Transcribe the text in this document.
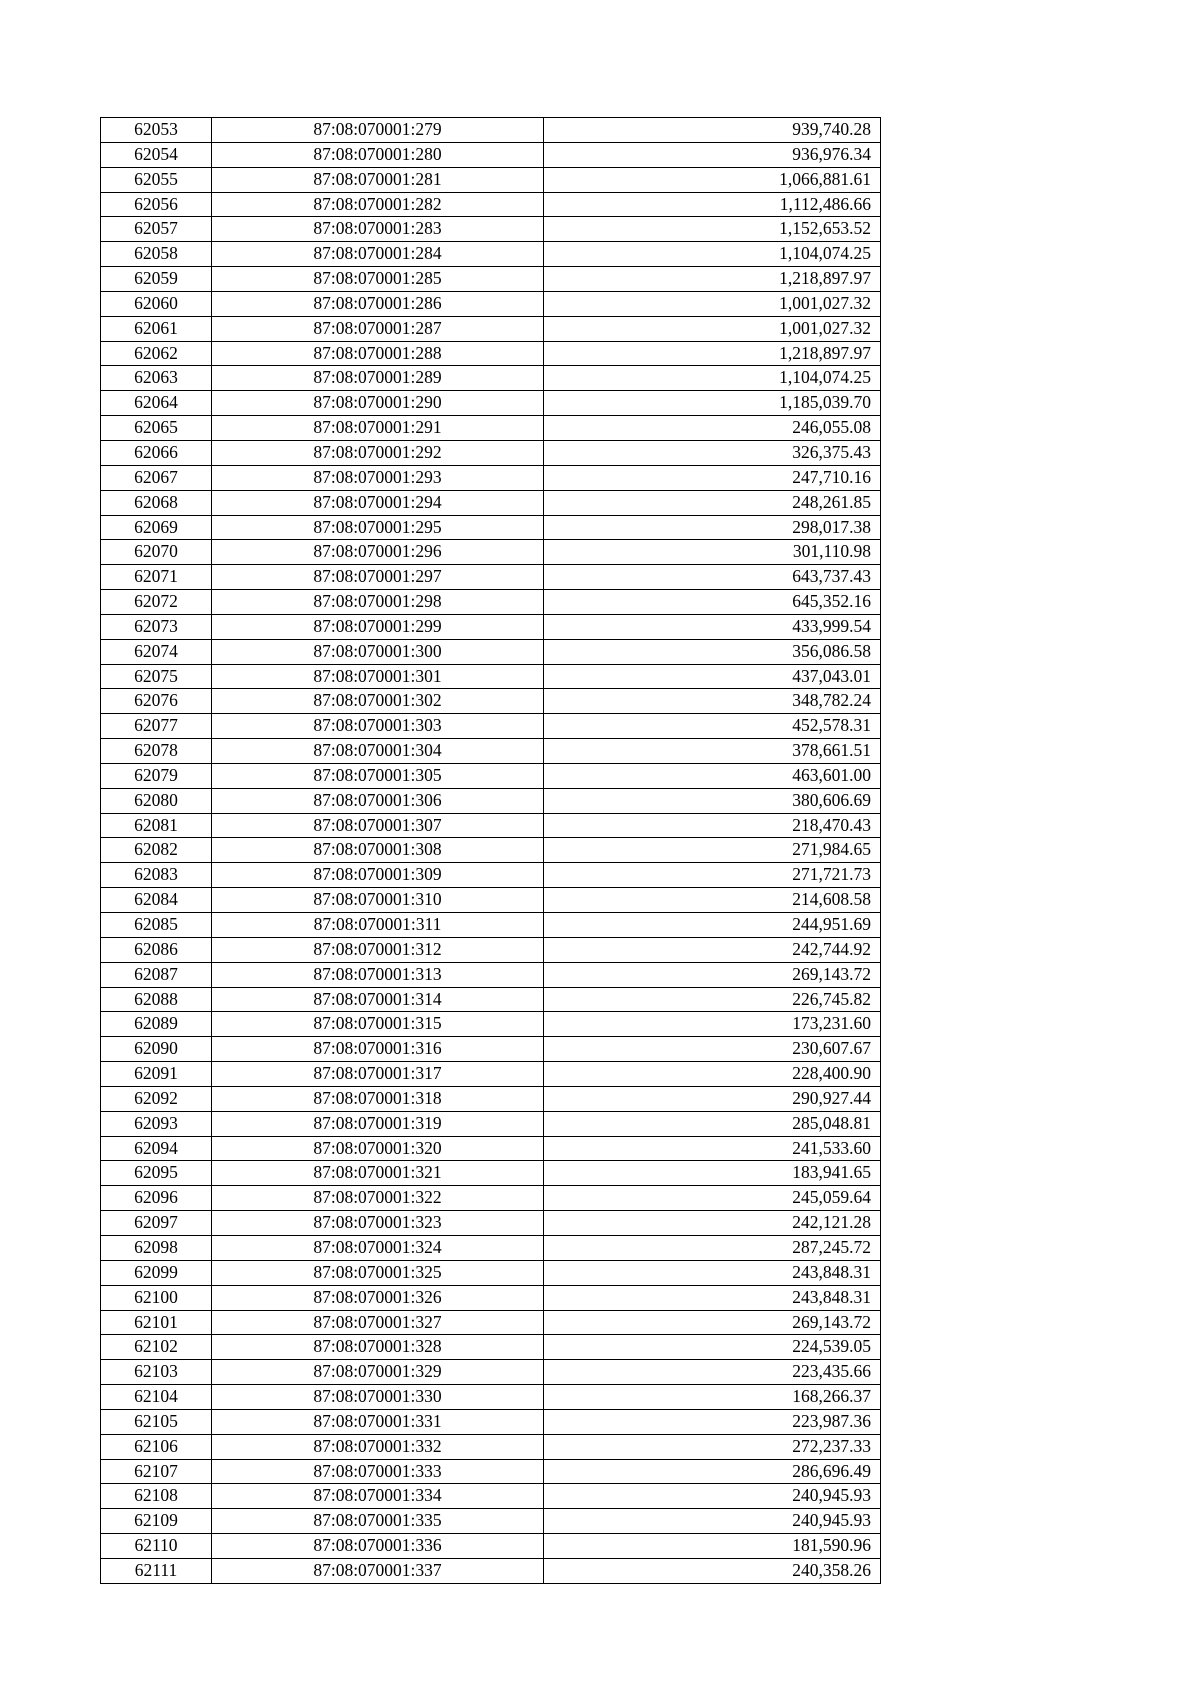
62053	87:08:070001:279	939,740.28
62054	87:08:070001:280	936,976.34
62055	87:08:070001:281	1,066,881.61
62056	87:08:070001:282	1,112,486.66
62057	87:08:070001:283	1,152,653.52
62058	87:08:070001:284	1,104,074.25
62059	87:08:070001:285	1,218,897.97
62060	87:08:070001:286	1,001,027.32
62061	87:08:070001:287	1,001,027.32
62062	87:08:070001:288	1,218,897.97
62063	87:08:070001:289	1,104,074.25
62064	87:08:070001:290	1,185,039.70
62065	87:08:070001:291	246,055.08
62066	87:08:070001:292	326,375.43
62067	87:08:070001:293	247,710.16
62068	87:08:070001:294	248,261.85
62069	87:08:070001:295	298,017.38
62070	87:08:070001:296	301,110.98
62071	87:08:070001:297	643,737.43
62072	87:08:070001:298	645,352.16
62073	87:08:070001:299	433,999.54
62074	87:08:070001:300	356,086.58
62075	87:08:070001:301	437,043.01
62076	87:08:070001:302	348,782.24
62077	87:08:070001:303	452,578.31
62078	87:08:070001:304	378,661.51
62079	87:08:070001:305	463,601.00
62080	87:08:070001:306	380,606.69
62081	87:08:070001:307	218,470.43
62082	87:08:070001:308	271,984.65
62083	87:08:070001:309	271,721.73
62084	87:08:070001:310	214,608.58
62085	87:08:070001:311	244,951.69
62086	87:08:070001:312	242,744.92
62087	87:08:070001:313	269,143.72
62088	87:08:070001:314	226,745.82
62089	87:08:070001:315	173,231.60
62090	87:08:070001:316	230,607.67
62091	87:08:070001:317	228,400.90
62092	87:08:070001:318	290,927.44
62093	87:08:070001:319	285,048.81
62094	87:08:070001:320	241,533.60
62095	87:08:070001:321	183,941.65
62096	87:08:070001:322	245,059.64
62097	87:08:070001:323	242,121.28
62098	87:08:070001:324	287,245.72
62099	87:08:070001:325	243,848.31
62100	87:08:070001:326	243,848.31
62101	87:08:070001:327	269,143.72
62102	87:08:070001:328	224,539.05
62103	87:08:070001:329	223,435.66
62104	87:08:070001:330	168,266.37
62105	87:08:070001:331	223,987.36
62106	87:08:070001:332	272,237.33
62107	87:08:070001:333	286,696.49
62108	87:08:070001:334	240,945.93
62109	87:08:070001:335	240,945.93
62110	87:08:070001:336	181,590.96
62111	87:08:070001:337	240,358.26
